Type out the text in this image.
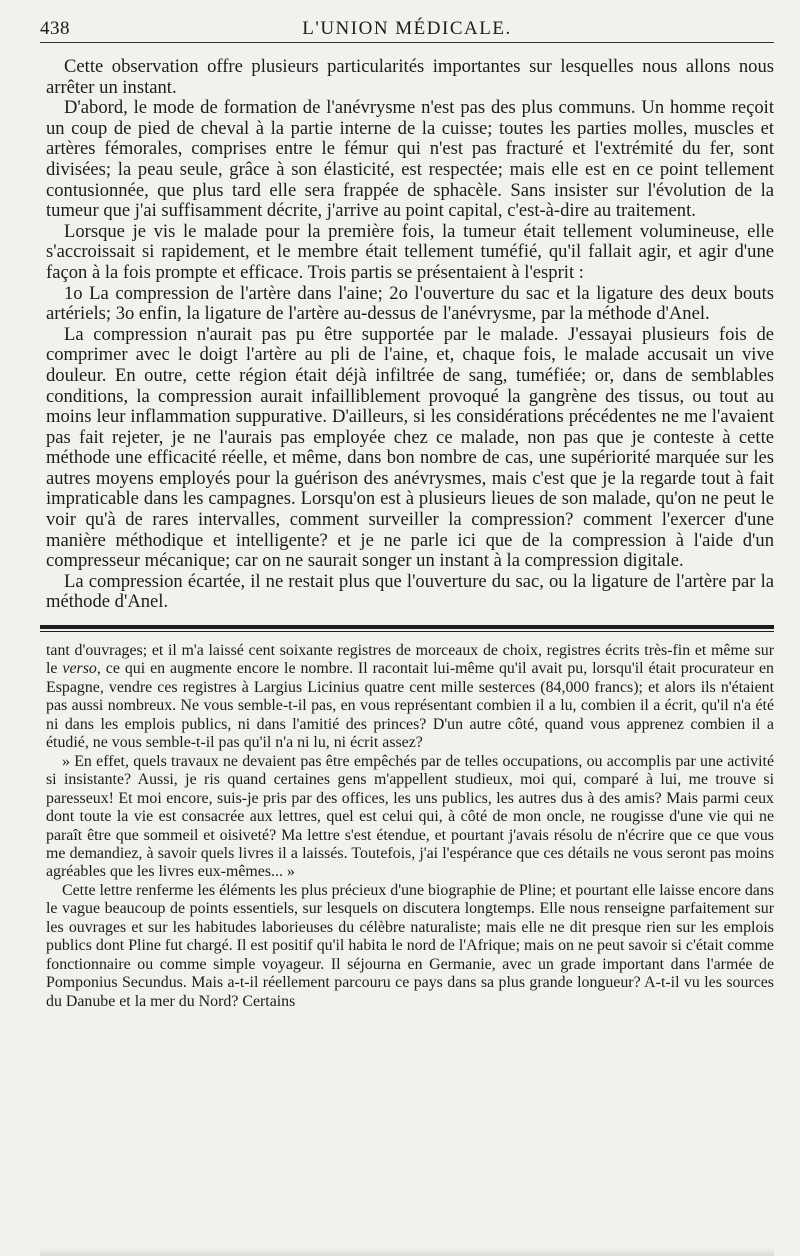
438	L'UNION MÉDICALE.

Cette observation offre plusieurs particularités importantes sur lesquelles nous allons nous arrêter un instant.

D'abord, le mode de formation de l'anévrysme n'est pas des plus communs. Un homme reçoit un coup de pied de cheval à la partie interne de la cuisse; toutes les parties molles, muscles et artères fémorales, comprises entre le fémur qui n'est pas fracturé et l'extrémité du fer, sont divisées; la peau seule, grâce à son élasticité, est respectée; mais elle est en ce point tellement contusionnée, que plus tard elle sera frappée de sphacèle. Sans insister sur l'évolution de la tumeur que j'ai suffisamment décrite, j'arrive au point capital, c'est-à-dire au traitement.

Lorsque je vis le malade pour la première fois, la tumeur était tellement volumineuse, elle s'accroissait si rapidement, et le membre était tellement tuméfié, qu'il fallait agir, et agir d'une façon à la fois prompte et efficace. Trois partis se présentaient à l'esprit :

1o La compression de l'artère dans l'aine; 2o l'ouverture du sac et la ligature des deux bouts artériels; 3o enfin, la ligature de l'artère au-dessus de l'anévrysme, par la méthode d'Anel.

La compression n'aurait pas pu être supportée par le malade. J'essayai plusieurs fois de comprimer avec le doigt l'artère au pli de l'aine, et, chaque fois, le malade accusait un vive douleur. En outre, cette région était déjà infiltrée de sang, tuméfiée; or, dans de semblables conditions, la compression aurait infailliblement provoqué la gangrène des tissus, ou tout au moins leur inflammation suppurative. D'ailleurs, si les considérations précédentes ne me l'avaient pas fait rejeter, je ne l'aurais pas employée chez ce malade, non pas que je conteste à cette méthode une efficacité réelle, et même, dans bon nombre de cas, une supériorité marquée sur les autres moyens employés pour la guérison des anévrysmes, mais c'est que je la regarde tout à fait impraticable dans les campagnes. Lorsqu'on est à plusieurs lieues de son malade, qu'on ne peut le voir qu'à de rares intervalles, comment surveiller la compression? comment l'exercer d'une manière méthodique et intelligente? et je ne parle ici que de la compression à l'aide d'un compresseur mécanique; car on ne saurait songer un instant à la compression digitale.

La compression écartée, il ne restait plus que l'ouverture du sac, ou la ligature de l'artère par la méthode d'Anel.

tant d'ouvrages; et il m'a laissé cent soixante registres de morceaux de choix, registres écrits très-fin et même sur le verso, ce qui en augmente encore le nombre. Il racontait lui-même qu'il avait pu, lorsqu'il était procurateur en Espagne, vendre ces registres à Largius Licinius quatre cent mille sesterces (84,000 francs); et alors ils n'étaient pas aussi nombreux. Ne vous semble-t-il pas, en vous représentant combien il a lu, combien il a écrit, qu'il n'a été ni dans les emplois publics, ni dans l'amitié des princes? D'un autre côté, quand vous apprenez combien il a étudié, ne vous semble-t-il pas qu'il n'a ni lu, ni écrit assez?

» En effet, quels travaux ne devaient pas être empêchés par de telles occupations, ou accomplis par une activité si insistante? Aussi, je ris quand certaines gens m'appellent studieux, moi qui, comparé à lui, me trouve si paresseux! Et moi encore, suis-je pris par des offices, les uns publics, les autres dus à des amis? Mais parmi ceux dont toute la vie est consacrée aux lettres, quel est celui qui, à côté de mon oncle, ne rougisse d'une vie qui ne paraît être que sommeil et oisiveté? Ma lettre s'est étendue, et pourtant j'avais résolu de n'écrire que ce que vous me demandiez, à savoir quels livres il a laissés. Toutefois, j'ai l'espérance que ces détails ne vous seront pas moins agréables que les livres eux-mêmes... »

Cette lettre renferme les éléments les plus précieux d'une biographie de Pline; et pourtant elle laisse encore dans le vague beaucoup de points essentiels, sur lesquels on discutera longtemps. Elle nous renseigne parfaitement sur les ouvrages et sur les habitudes laborieuses du célèbre naturaliste; mais elle ne dit presque rien sur les emplois publics dont Pline fut chargé. Il est positif qu'il habita le nord de l'Afrique; mais on ne peut savoir si c'était comme fonctionnaire ou comme simple voyageur. Il séjourna en Germanie, avec un grade important dans l'armée de Pomponius Secundus. Mais a-t-il réellement parcouru ce pays dans sa plus grande longueur? A-t-il vu les sources du Danube et la mer du Nord? Certains
